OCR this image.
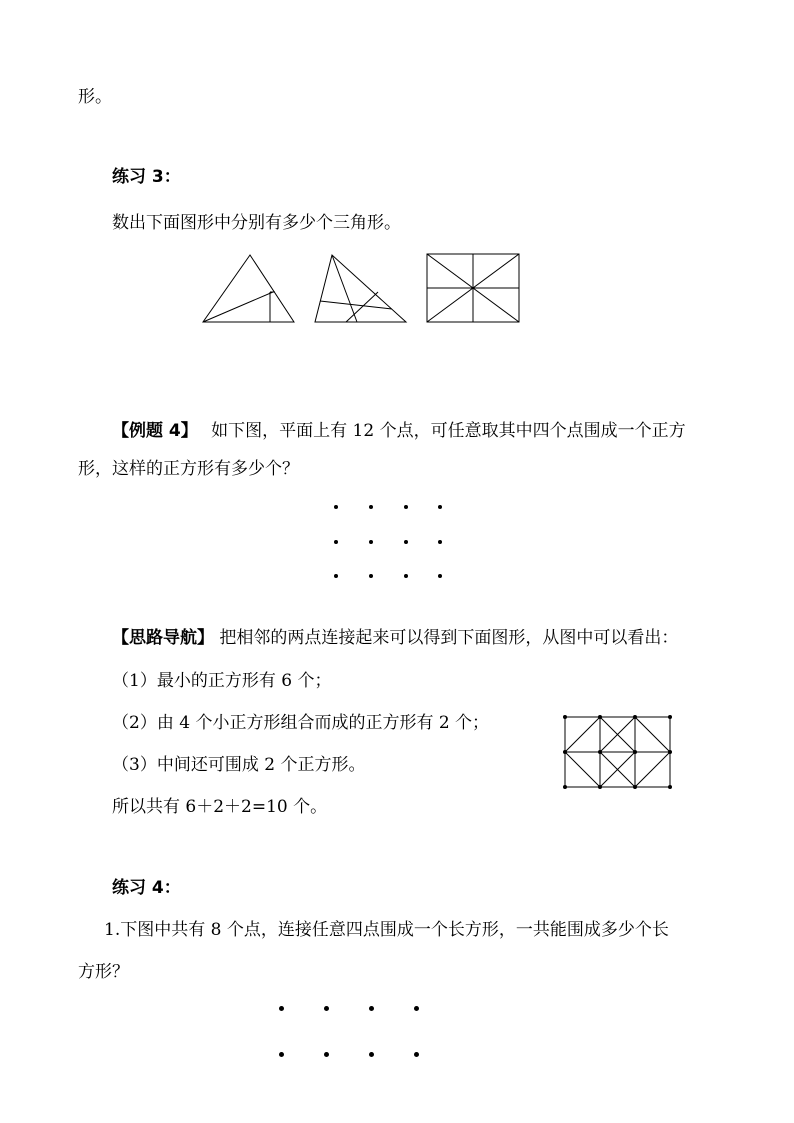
形。
练习 3：
数出下面图形中分别有多少个三角形。
【例题 4】 如下图，平面上有 12 个点，可任意取其中四个点围成一个正方
形，这样的正方形有多少个？
【思路导航】 把相邻的两点连接起来可以得到下面图形，从图中可以看出：
（1）最小的正方形有 6 个；
（2）由 4 个小正方形组合而成的正方形有 2 个；
（3）中间还可围成 2 个正方形。
所以共有 6＋2＋2=10 个。
练习 4：
1.下图中共有 8 个点，连接任意四点围成一个长方形，一共能围成多少个长
方形？
